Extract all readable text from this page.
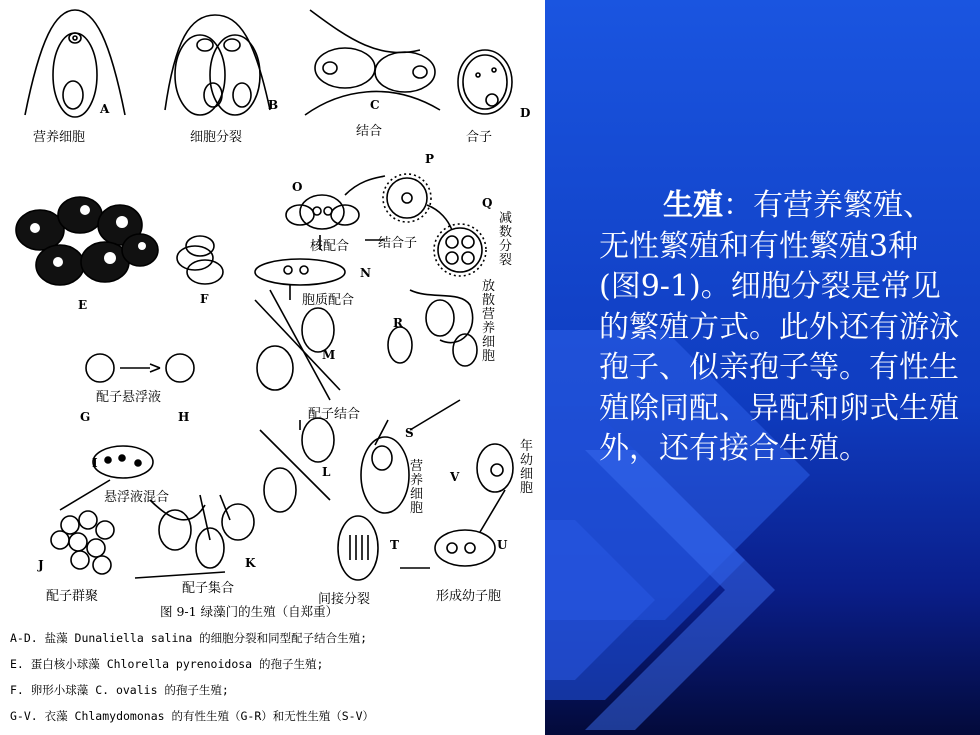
A	B	C
D
E	F
G	H
I
J	K
L
M
N
O
P
Q
R
S
T	U
V
营养细胞	细胞分裂	结合	合子
核配合 结合子
胞质配合
配子悬浮液
配子结合
悬浮液混合
配子群聚
配子集合
间接分裂	形成幼子胞
减数分裂
放散营养细胞
营养细胞
年幼细胞
图 9-1 绿藻门的生殖（自郑重）
A-D. 盐藻 Dunaliella salina 的细胞分裂和同型配子结合生殖;
E. 蛋白核小球藻 Chlorella pyrenoidosa 的孢子生殖;
F. 卵形小球藻 C. ovalis 的孢子生殖;
G-V. 衣藻 Chlamydomonas 的有性生殖（G-R）和无性生殖（S-V）
生殖：有营养繁殖、无性繁殖和有性繁殖3种(图9-1)。细胞分裂是常见的繁殖方式。此外还有游泳孢子、似亲孢子等。有性生殖除同配、异配和卵式生殖外，还有接合生殖。
